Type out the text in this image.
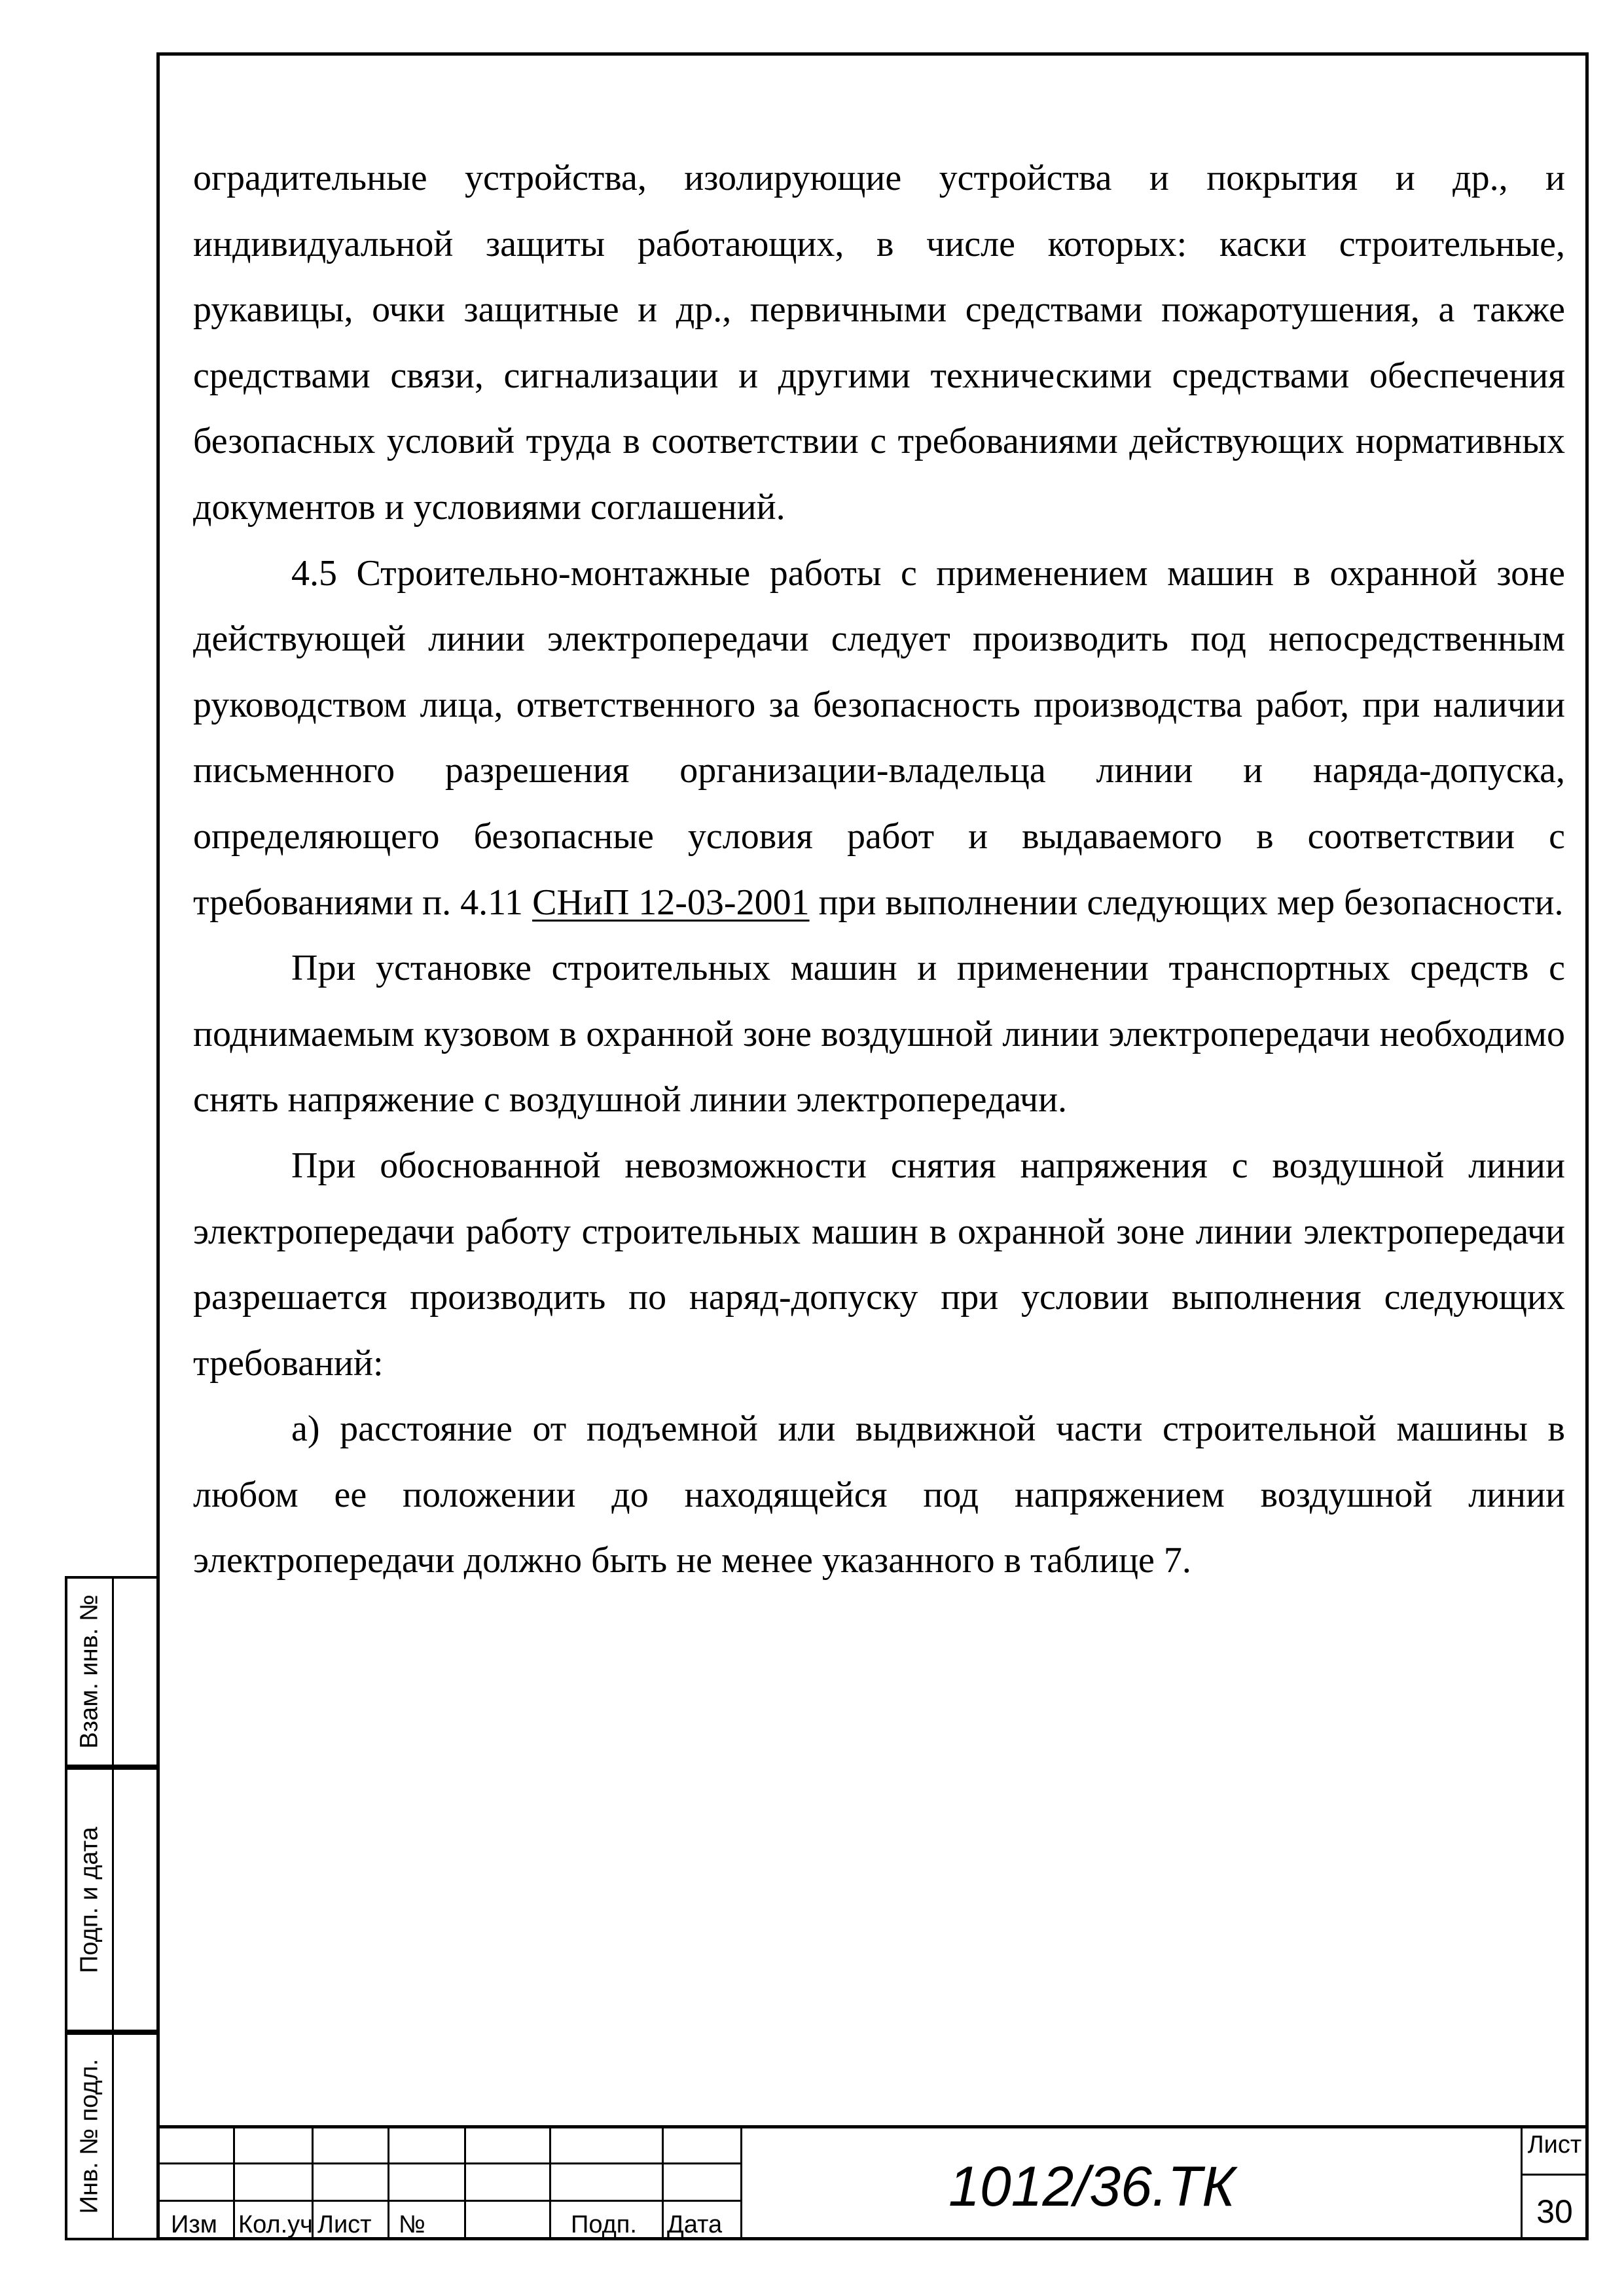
оградительные устройства, изолирующие устройства и покрытия и др., и индивидуальной защиты работающих, в числе которых: каски строительные, рукавицы, очки защитные и др., первичными средствами пожаротушения, а также средствами связи, сигнализации и другими техническими средствами обеспечения безопасных условий труда в соответствии с требованиями действующих нормативных документов и условиями соглашений.

4.5 Строительно-монтажные работы с применением машин в охранной зоне действующей линии электропередачи следует производить под непосредственным руководством лица, ответственного за безопасность производства работ, при наличии письменного разрешения организации-владельца линии и наряда-допуска, определяющего безопасные условия работ и выдаваемого в соответствии с требованиями п. 4.11 СНиП 12-03-2001 при выполнении следующих мер безопасности.

При установке строительных машин и применении транспортных средств с поднимаемым кузовом в охранной зоне воздушной линии электропередачи необходимо снять напряжение с воздушной линии электропередачи.

При обоснованной невозможности снятия напряжения с воздушной линии электропередачи работу строительных машин в охранной зоне линии электропередачи разрешается производить по наряд-допуску при условии выполнения следующих требований:

а) расстояние от подъемной или выдвижной части строительной машины в любом ее положении до находящейся под напряжением воздушной линии электропередачи должно быть не менее указанного в таблице 7.

Взам. инв. №
Подп. и дата
Инв. № подл.
Изм Кол.уч Лист №	Подп. Дата
1012/36.ТК
Лист
30
